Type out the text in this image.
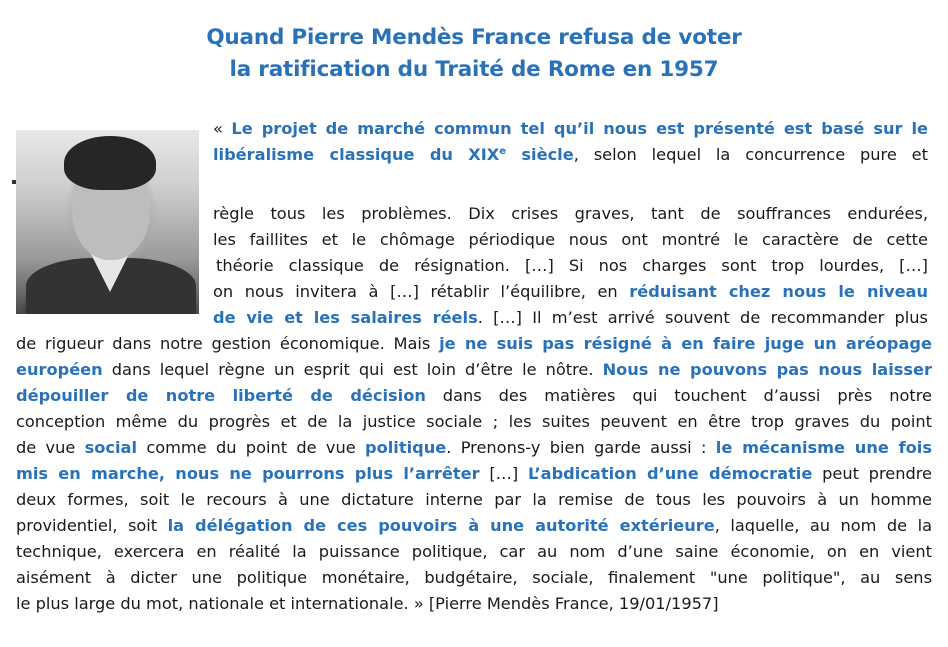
Quand Pierre Mendès France refusa de voter
la ratification du Traité de Rome en 1957
« Le projet de marché commun tel qu’il nous est présenté est basé sur le
libéralisme classique du XIXe siècle, selon lequel la concurrence pure et
règle tous les problèmes. Dix crises graves, tant de souffrances endurées,
les faillites et le chômage périodique nous ont montré le caractère de cette
théorie classique de résignation. […] Si nos charges sont trop lourdes, […]
on nous invitera à […] rétablir l’équilibre, en réduisant chez nous le niveau
de vie et les salaires réels. […] Il m’est arrivé souvent de recommander plus
de rigueur dans notre gestion économique. Mais je ne suis pas résigné à en faire juge un aréopage
européen dans lequel règne un esprit qui est loin d’être le nôtre. Nous ne pouvons pas nous laisser
dépouiller de notre liberté de décision dans des matières qui touchent d’aussi près notre
conception même du progrès et de la justice sociale ; les suites peuvent en être trop graves du point
de vue social comme du point de vue politique. Prenons-y bien garde aussi : le mécanisme une fois
mis en marche, nous ne pourrons plus l’arrêter […] L’abdication d’une démocratie peut prendre
deux formes, soit le recours à une dictature interne par la remise de tous les pouvoirs à un homme
providentiel, soit la délégation de ces pouvoirs à une autorité extérieure, laquelle, au nom de la
technique, exercera en réalité la puissance politique, car au nom d’une saine économie, on en vient
aisément à dicter une politique monétaire, budgétaire, sociale, finalement "une politique", au sens
le plus large du mot, nationale et internationale. » [Pierre Mendès France, 19/01/1957]
